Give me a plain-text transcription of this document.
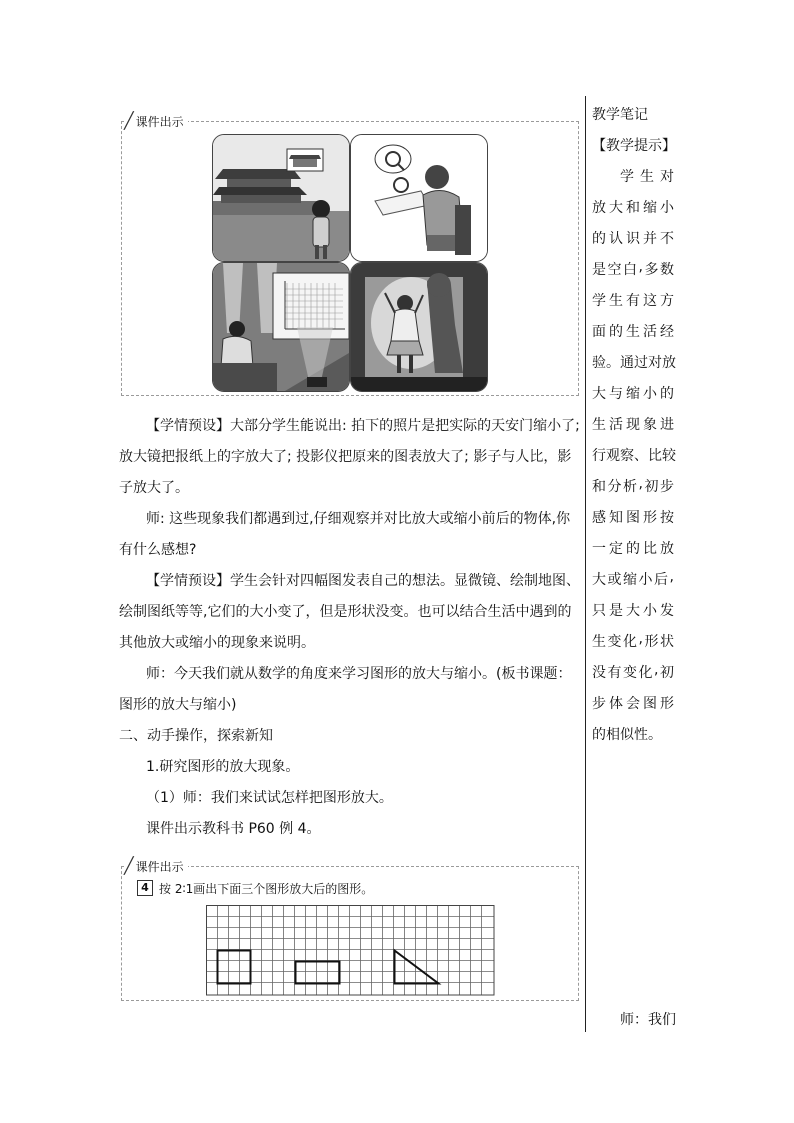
╱ 课件出示
【学情预设】大部分学生能说出: 拍下的照片是把实际的天安门缩小了;
放大镜把报纸上的字放大了; 投影仪把原来的图表放大了; 影子与人比，影
子放大了。
师: 这些现象我们都遇到过,仔细观察并对比放大或缩小前后的物体,你
有什么感想?
【学情预设】学生会针对四幅图发表自己的想法。显微镜、绘制地图、
绘制图纸等等,它们的大小变了，但是形状没变。也可以结合生活中遇到的
其他放大或缩小的现象来说明。
师：今天我们就从数学的角度来学习图形的放大与缩小。(板书课题：
图形的放大与缩小)
二、动手操作，探索新知
1.研究图形的放大现象。
（1）师：我们来试试怎样把图形放大。
课件出示教科书 P60 例 4。
╱ 课件出示
4 按 2∶1画出下面三个图形放大后的图形。
教学笔记
【教学提示】
学 生 对
放 大 和 缩 小
的 认 识 并 不
是 空 白 , 多 数
学 生 有 这 方
面 的 生 活 经
验 。 通 过 对 放
大 与 缩 小 的
生 活 现 象 进
行 观 察 、 比 较
和 分 析 , 初 步
感 知 图 形 按
一 定 的 比 放
大 或 缩 小 后 ,
只 是 大 小 发
生 变 化 , 形 状
没 有 变 化 , 初
步 体 会 图 形
的 相 似 性 。
师：我们
